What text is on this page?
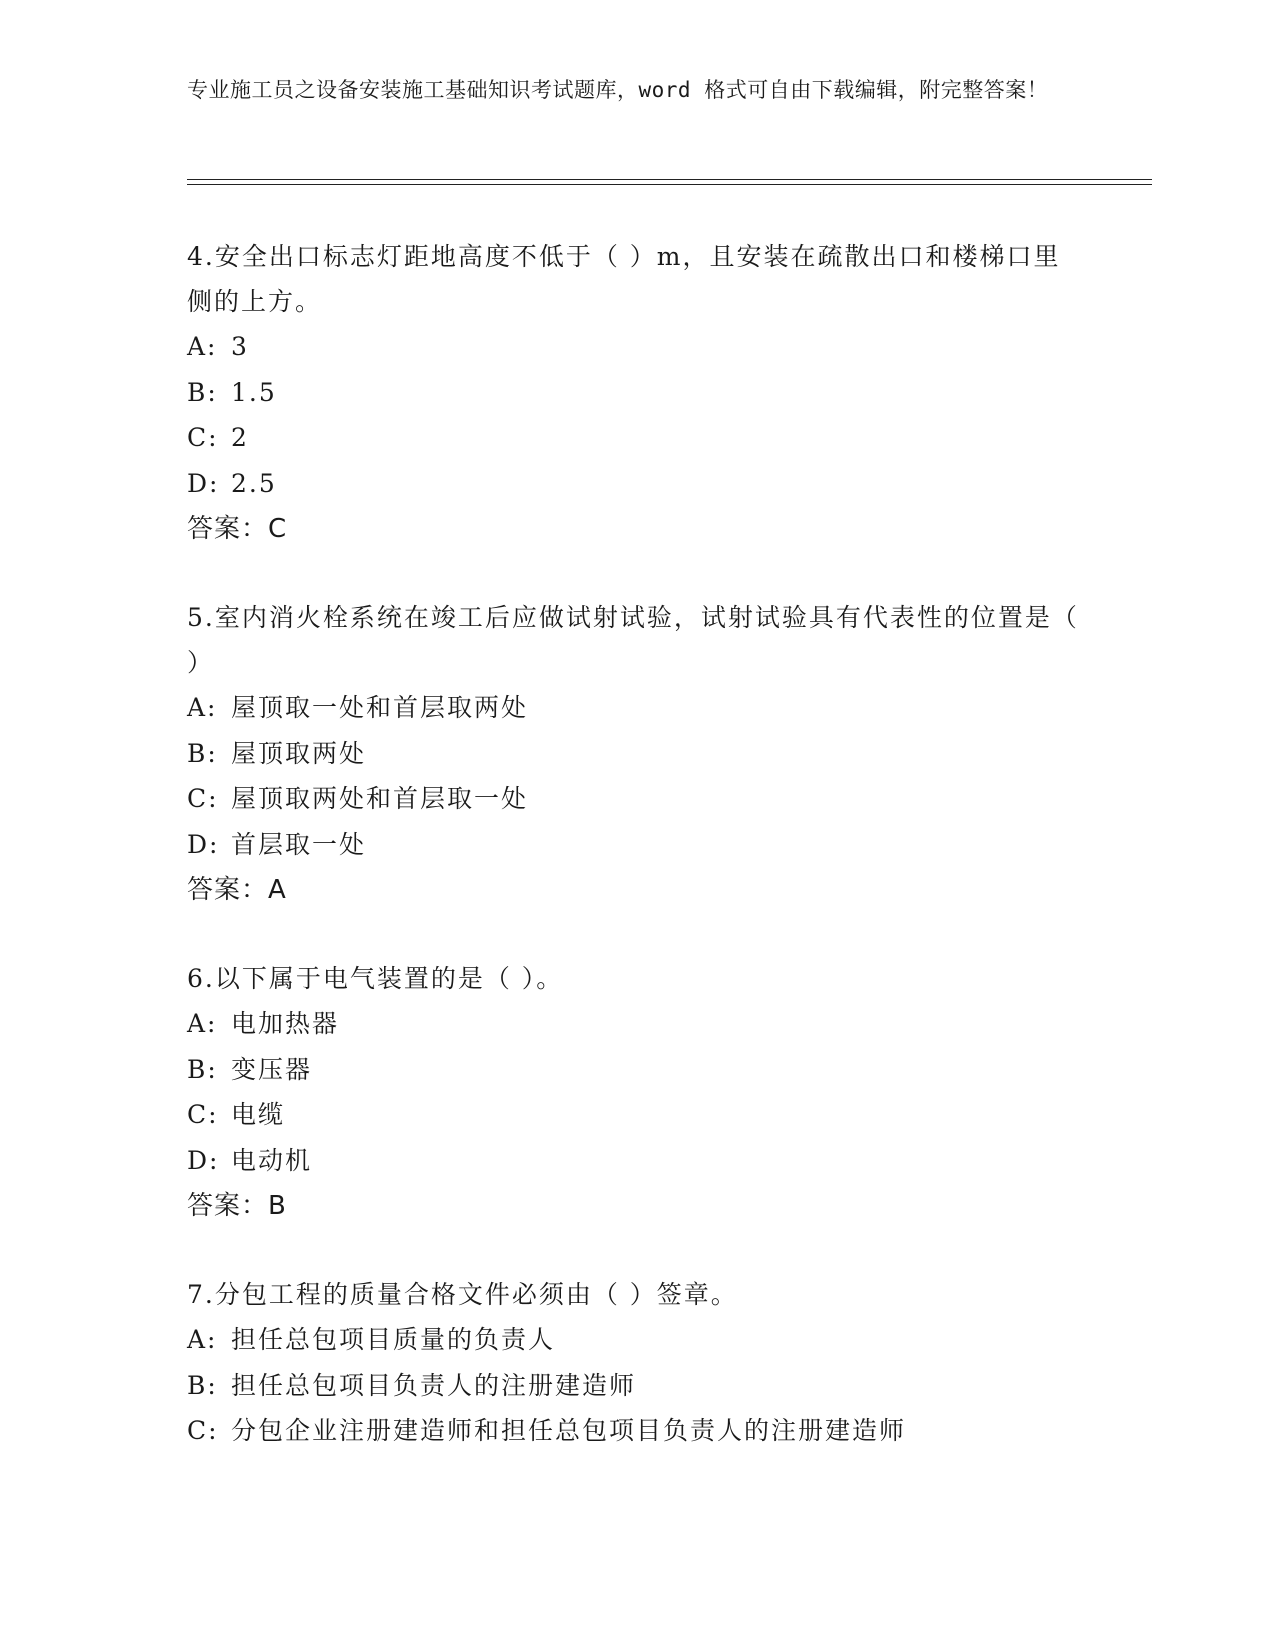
专业施工员之设备安装施工基础知识考试题库，word 格式可自由下载编辑，附完整答案！
4.安全出口标志灯距地高度不低于（ ）m，且安装在疏散出口和楼梯口里侧的上方。
A: 3
B: 1.5
C: 2
D: 2.5
答案：C
5.室内消火栓系统在竣工后应做试射试验，试射试验具有代表性的位置是（ ）
A: 屋顶取一处和首层取两处
B: 屋顶取两处
C: 屋顶取两处和首层取一处
D: 首层取一处
答案：A
6.以下属于电气装置的是（ ）。
A: 电加热器
B: 变压器
C: 电缆
D: 电动机
答案：B
7.分包工程的质量合格文件必须由（ ）签章。
A: 担任总包项目质量的负责人
B: 担任总包项目负责人的注册建造师
C: 分包企业注册建造师和担任总包项目负责人的注册建造师
